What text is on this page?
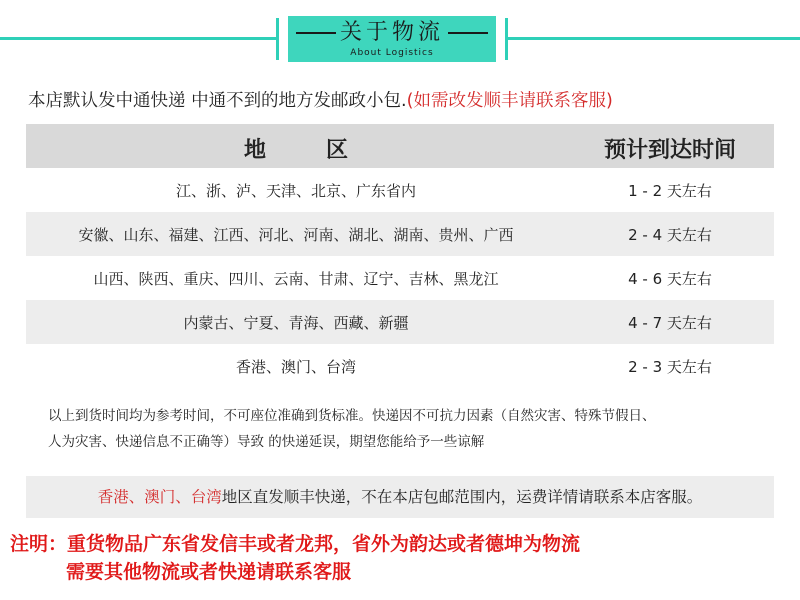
关于物流
About Logistics
本店默认发中通快递 中通不到的地方发邮政小包.(如需改发顺丰请联系客服)
地区	预计到达时间
江、浙、泸、天津、北京、广东省内	1 - 2 天左右
安徽、山东、福建、江西、河北、河南、湖北、湖南、贵州、广西	2 - 4 天左右
山西、陕西、重庆、四川、云南、甘肃、辽宁、吉林、黑龙江	4 - 6 天左右
内蒙古、宁夏、青海、西藏、新疆	4 - 7 天左右
香港、澳门、台湾	2 - 3 天左右
以上到货时间均为参考时间，不可座位准确到货标准。快递因不可抗力因素（自然灾害、特殊节假日、
人为灾害、快递信息不正确等）导致 的快递延误，期望您能给予一些谅解
香港、澳门、台湾地区直发顺丰快递，不在本店包邮范围内，运费详情请联系本店客服。
注明：重货物品广东省发信丰或者龙邦，省外为韵达或者德坤为物流
需要其他物流或者快递请联系客服
